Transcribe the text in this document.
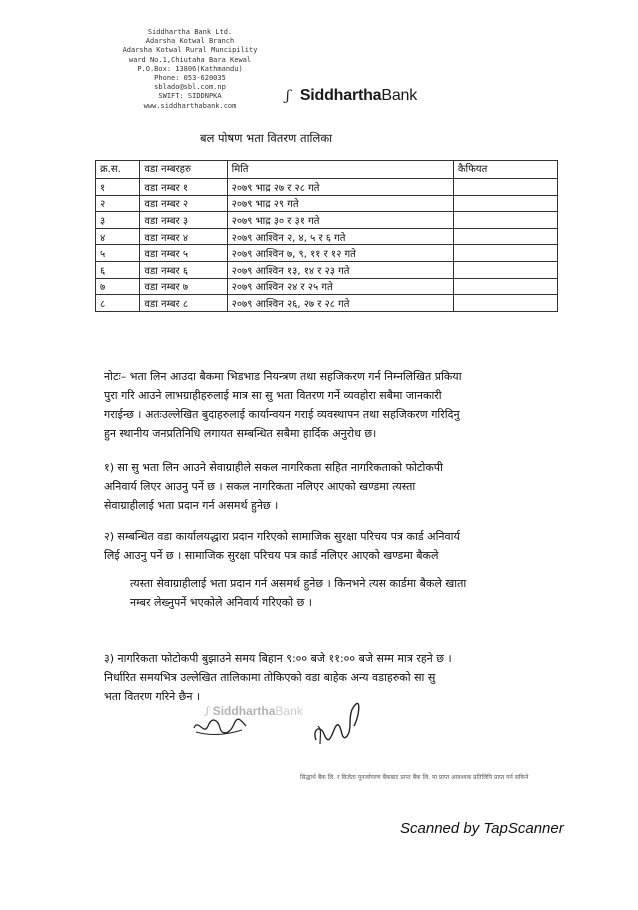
Siddhartha Bank Ltd.
Adarsha Kotwal Branch
Adarsha Kotwal Rural Muncipility
ward No.1,Chiutaha Bara Kewal
P.O.Box: 13806(Kathmandu)
Phone: 053-620035
sblado@sbl.com.np
SWIFT: SIDDNPKA
www.siddharthabank.com
ʃ SiddharthaBank
बल पोषण भता वितरण तालिका
क्र.स.	वडा नम्बरहरु	मिति	कैफियत
१	वडा नम्बर १	२०७९ भाद्र २७ र २८ गते	
२	वडा नम्बर २	२०७९ भाद्र २९ गते	
३	वडा नम्बर ३	२०७९ भाद्र ३० र ३१ गते	
४	वडा नम्बर ४	२०७९ आश्विन २, ४, ५ र ६ गते	
५	वडा नम्बर ५	२०७९ आश्विन ७, ९, ११ र १२ गते	
६	वडा नम्बर ६	२०७९ आश्विन १३, १४ र २३ गते	
७	वडा नम्बर ७	२०७९ आश्विन २४ र २५ गते	
८	वडा नम्बर ८	२०७९ आश्विन २६, २७ र २८ गते	
नोटः– भता लिन आउदा बैकमा भिडभाड नियन्त्रण तथा सहजिकरण गर्न निम्नलिखित प्रकिया
पुरा गरि आउने लाभग्राहीहरुलाई मात्र सा सु भता वितरण गर्ने व्यवहोरा सबैमा जानकारी
गराईन्छ । अतःउल्लेखित बुदाहरुलाई कार्यान्वयन गराई व्यवस्थापन तथा सहजिकरण गरिदिनु
हुन स्थानीय जनप्रतिनिधि लगायत सम्बन्धित सबैमा हार्दिक अनुरोध छ।
१) सा सु भता लिन आउने सेवाग्राहीले सकल नागरिकता सहित नागरिकताको फोटोकपी
अनिवार्य लिएर आउनु पर्ने छ । सकल नागरिकता नलिएर आएको खण्डमा त्यस्ता
सेवाग्राहीलाई भता प्रदान गर्न असमर्थ हुनेछ ।
२) सम्बन्धित वडा कार्यालयद्धारा प्रदान गरिएको सामाजिक सुरक्षा परिचय पत्र कार्ड अनिवार्य
लिई आउनु पर्ने छ । सामाजिक सुरक्षा परिचय पत्र कार्ड नलिएर आएको खण्डमा बैकले
त्यस्ता सेवाग्राहीलाई भता प्रदान गर्न असमर्थ हुनेछ । किनभने त्यस कार्डमा बैकले खाता
नम्बर लेख्नुपर्ने भएकोले अनिवार्य गरिएको छ ।
३) नागरिकता फोटोकपी बुझाउने समय बिहान ९:०० बजे ११:०० बजे सम्म मात्र रहने छ ।
निर्धारित समयभित्र उल्लेखित तालिकामा तोकिएको वडा बाहेक अन्य वडाहरुको सा सु
भता वितरण गरिने छैन ।
ʃ SiddharthaBank
सिद्धार्थ बैंक लि. र विजेता पूनर्जागरण बैंकबाट प्राप्त बैंक लि. मा प्राप्त आवश्यक प्रतिलिपि प्राप्त गर्न सकिने
Scanned by TapScanner
